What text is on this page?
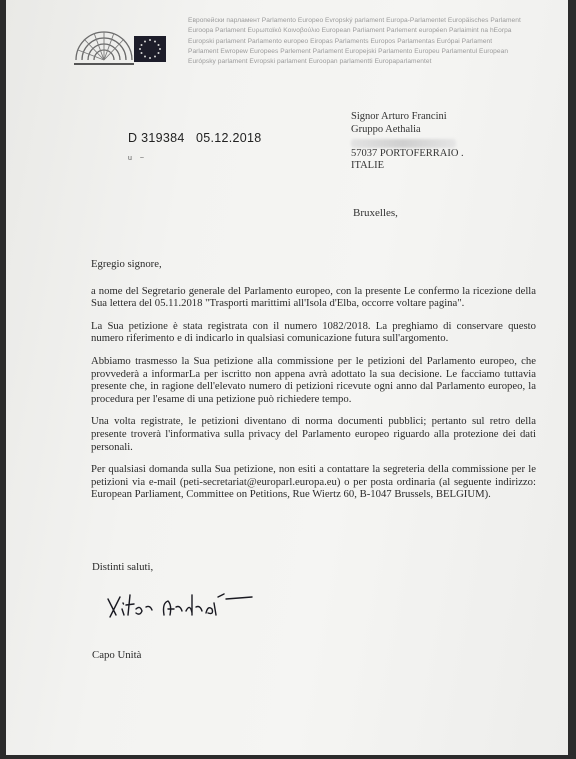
Европейски парламент Parlamento Europeo Evropský parlament Europa-Parlamentet Europäisches Parlament
Euroopa Parlament Ευρωπαϊκό Κοινοβούλιο European Parliament Parlement européen Parlaimint na hEorpa
Europski parlament Parlamento europeo Eiropas Parlaments Europos Parlamentas Európai Parlament
Parlament Ewropew Europees Parlement Parlament Europejski Parlamento Europeu Parlamentul European
Európsky parlament Evropski parlament Euroopan parlamentti Europaparlamentet
D 319384 05.12.2018
u ~
Signor Arturo Francini
Gruppo Aethalia
57037 PORTOFERRAIO .
ITALIE
Bruxelles,

Egregio signore,

a nome del Segretario generale del Parlamento europeo, con la presente Le confermo la ricezione della Sua lettera del 05.11.2018 "Trasporti marittimi all'Isola d'Elba, occorre voltare pagina".

La Sua petizione è stata registrata con il numero 1082/2018. La preghiamo di conservare questo numero riferimento e di indicarlo in qualsiasi comunicazione futura sull'argomento.

Abbiamo trasmesso la Sua petizione alla commissione per le petizioni del Parlamento europeo, che provvederà a informarLa per iscritto non appena avrà adottato la sua decisione. Le facciamo tuttavia presente che, in ragione dell'elevato numero di petizioni ricevute ogni anno dal Parlamento europeo, la procedura per l'esame di una petizione può richiedere tempo.

Una volta registrate, le petizioni diventano di norma documenti pubblici; pertanto sul retro della presente troverà l'informativa sulla privacy del Parlamento europeo riguardo alla protezione dei dati personali.

Per qualsiasi domanda sulla Sua petizione, non esiti a contattare la segreteria della commissione per le petizioni via e-mail (peti-secretariat@europarl.europa.eu) o per posta ordinaria (al seguente indirizzo: European Parliament, Committee on Petitions, Rue Wiertz 60, B-1047 Brussels, BELGIUM).

Distinti saluti,
Capo Unità
